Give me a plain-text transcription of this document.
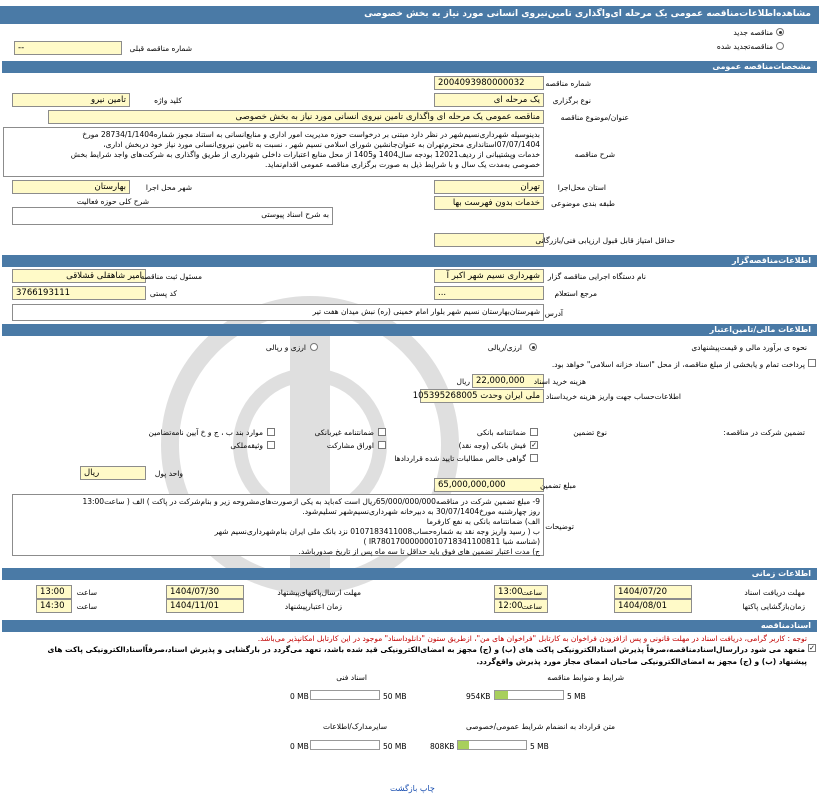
مشاهده‌اطلاعات‌مناقصه عمومی یک مرحله ای‌واگذاری تامین‌نیروی انسانی مورد نیاز به بخش خصوصی
مناقصه جدید
مناقصه‌تجدید شده
--	شماره مناقصه قبلی
مشخصات‌مناقصه عمومی
2004093980000032	شماره مناقصه
یک مرحله ای	نوع برگزاری
تامین نیرو	کلید واژه
مناقصه عمومی یک مرحله ای واگذاری تامین نیروی انسانی مورد نیاز به بخش خصوصی	عنوان/موضوع مناقصه
بدینوسیله شهرداری‌نسیم‌شهر در نظر دارد مبتنی بر درخواست حوزه مدیریت امور اداری و منابع‌انسانی به استناد مجوز شماره28734/1/1404 مورخ
07/07/1404استانداری محترم‌تهران به عنوان‌جانشین شورای اسلامی نسیم شهر ، نسبت به تامین نیروی‌انسانی مورد نیاز خود در‌بخش اداری،
خدمات وپشتیبانی از ردیف12021 بودجه سال1404 و1405 از محل منابع اعتبارات داخلی شهرداری از طریق واگذاری به شرکت‌های واجد شرایط بخش
خصوصی به‌مدت یک سال و با شرایط ذیل به صورت برگزاری مناقصه عمومی اقدام‌نماید.
شرح مناقصه
تهران	استان محل‌اجرا
بهارستان	شهر محل اجرا
خدمات بدون فهرست بها	طبقه بندی موضوعی
شرح کلی حوزه فعالیت
به شرح اسناد پیوستی
حداقل امتیاز قابل قبول ارزیابی فنی/بازرگانی
اطلاعات‌مناقصه‌گزار
شهرداری نسیم شهر اکبر آ	نام دستگاه اجرایی مناقصه گزار
امیر شاهقلی قشلاقی
مسئول ثبت مناقصه
...	مرجع استعلام
3766193111	کد پستی
شهرستان‌بهارستان نسیم شهر بلوار امام خمینی (ره) نبش میدان هفت تیر آدرس
اطلاعات مالی/تامین‌اعتبار
ارزی/ریالی
ارزی و ریالی	نحوه ی برآورد مالی و قیمت‌پیشنهادی
پرداخت تمام و یابخشی از مبلغ مناقصه، از محل "اسناد خزانه اسلامی" خواهد بود.
22,000,000
ریال	هزینه خرید اسناد
ملی ایران وحدت 105395268005 اطلاعات‌حساب جهت واریز هزینه خریداسناد
تضمین شرکت در مناقصه:
نوع تضمین
ضمانتنامه بانکی
ضمانتنامه غیربانکی
موارد بند ب ، ج و خ آیین نامه‌تضامین
✓
فیش بانکی (وجه نقد)
اوراق مشارکت
وثیقه‌ملکی
گواهی خالص مطالبات تایید شده قراردادها
ریال	واحد پول
65,000,000,000	مبلغ تضمین
9- مبلغ تضمین شرکت در مناقصه65/000/000/000ریال است که‌باید به یکی از‌صورت‌های‌مشروحه زیر و بنام‌شرکت در پاکت ) الف ( ساعت13:00
روز چهارشنبه مورخ30/07/1404 به دبیرخانه شهرداری‌نسیم‌شهر تسلیم‌شود.
الف) ضمانتنامه بانکی به نفع کارفرما
ب ( رسید واریز وجه نقد به شماره‌حساب0107183411008 نزد بانک ملی ایران بنام‌شهرداری‌نسیم شهر
(شناسه شبا IR78017000000010718341100811 )
ج) مدت اعتبار تضمین های فوق باید حداقل تا سه ماه پس از تاریخ صدوربا‌شد.
توضیحات
اطلاعات زمانی
1404/07/20	مهلت دریافت اسناد
13:00 ساعت
1404/07/30	مهلت ارسال‌پاکتهای‌پیشنهاد
13:00	ساعت
1404/08/01	زمان‌بازگشایی پاکتها
12:00 ساعت
1404/11/01	زمان اعتبارپیشنهاد
14:30	ساعت
اسنادمناقصه
توجه : کاربر گرامی، دریافت اسناد در مهلت قانونی و پس ازافزودن فراخوان به کارتابل "فراخوان های من"، ازطریق ستون "دانلوداسناد" موجود در این کارتابل امکانپذیر می‌باشد.
✓
متعهد می شود درارسال‌اسنادمناقصه،صرفاً پذیرش اسنادالکترونیکی پاکت های (ب) و (ج) مجهز به امضای‌الکترونیکی قید شده باشد، تعهد می‌گردد در بارگشایی و پذیرش اسناد،صرفاًاسنادالکترونیکی پاکت های
پیشنهاد (ب) و (ج) مجهز به امضای‌الکترونیکی صاحبان امضای مجاز مورد پذیرش واقع‌گردد.
شرایط و ضوابط مناقصه
954KB	5 MB
اسناد فنی
0 MB	50 MB
متن قرارداد به انضمام شرایط عمومی/خصوصی
808KB	5 MB
سایرمدارک/اطلاعات
0 MB	50 MB
چاپ بازگشت
